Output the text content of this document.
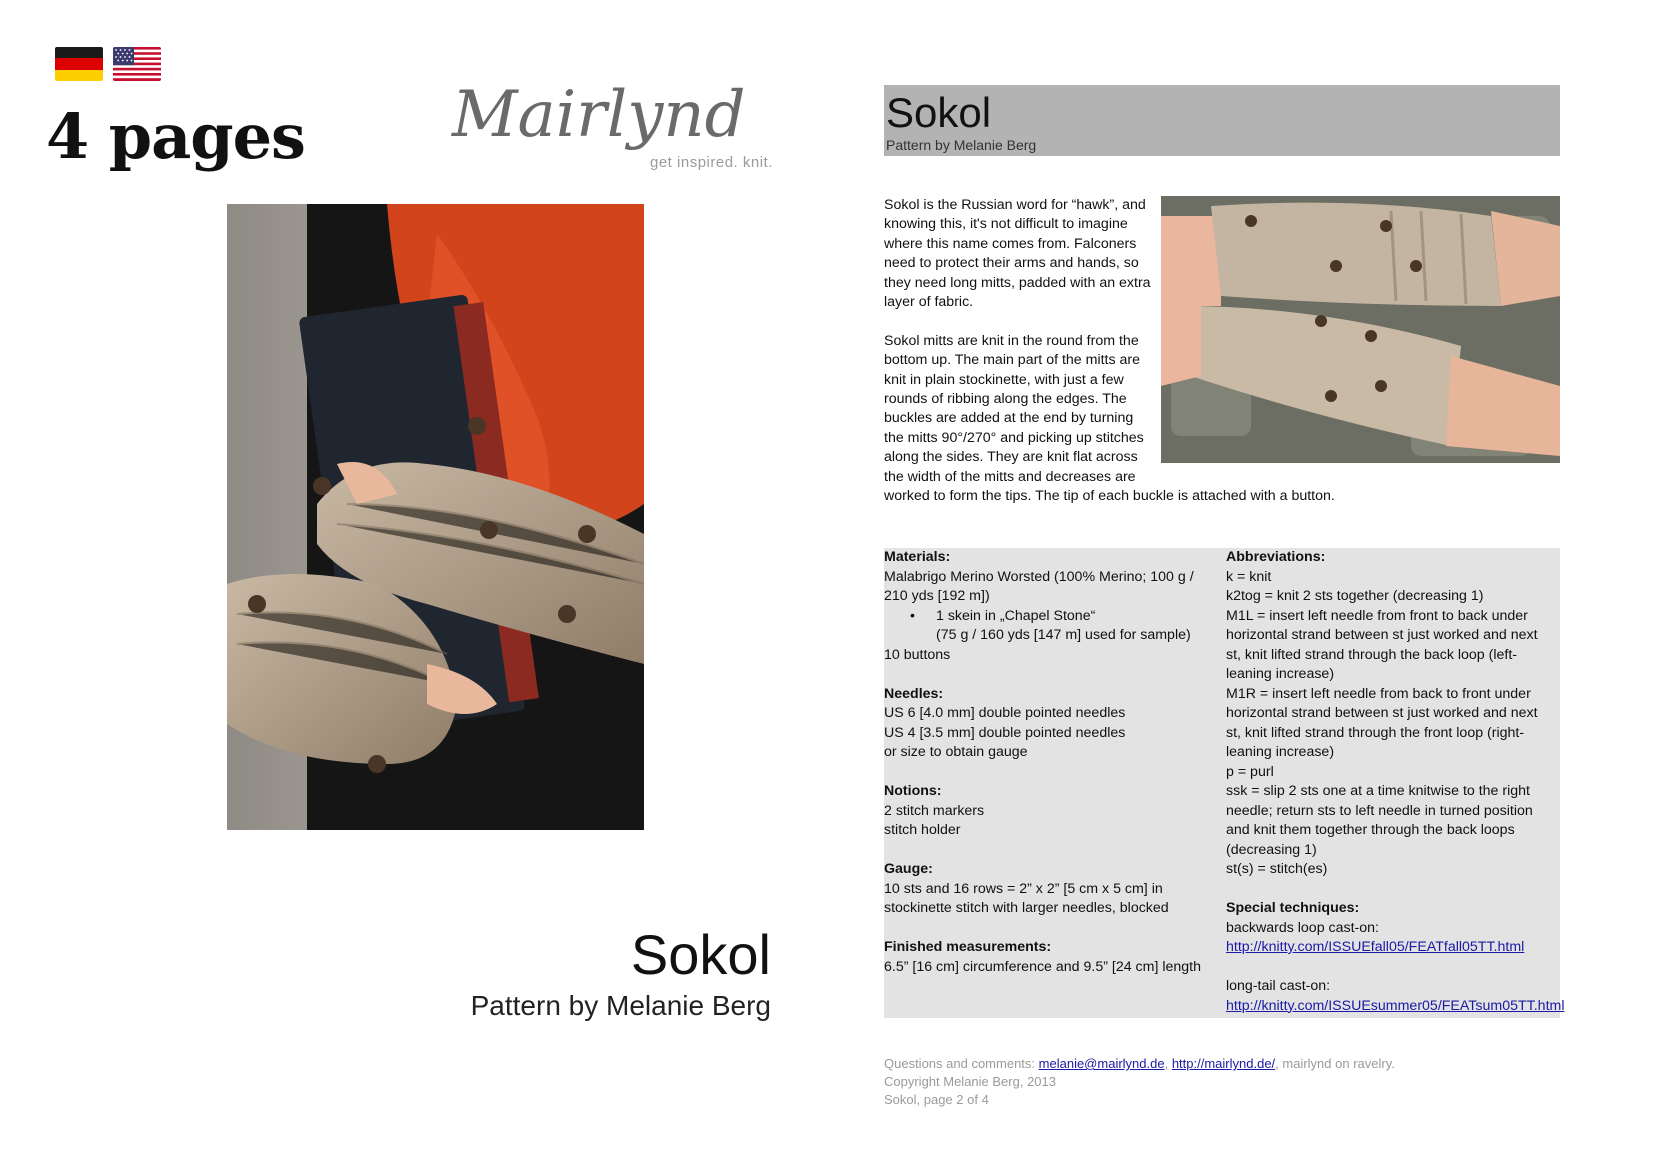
4 pages Mairlynd
get inspired. knit.
Sokol
Pattern by Melanie Berg
Sokol
Pattern by Melanie Berg

Sokol is the Russian word for “hawk”, and knowing this, it's not difficult to imagine where this name comes from. Falconers need to protect their arms and hands, so they need long mitts, padded with an extra layer of fabric.

Sokol mitts are knit in the round from the bottom up. The main part of the mitts are knit in plain stockinette, with just a few rounds of ribbing along the edges. The buckles are added at the end by turning the mitts 90°/270° and picking up stitches along the sides. They are knit flat across the width of the mitts and decreases are worked to form the tips. The tip of each buckle is attached with a button.

Materials:
Malabrigo Merino Worsted (100% Merino; 100 g / 210 yds [192 m])
• 1 skein in „Chapel Stone“
(75 g / 160 yds [147 m] used for sample)
10 buttons
Needles:
US 6 [4.0 mm] double pointed needles
US 4 [3.5 mm] double pointed needles
or size to obtain gauge
Notions:
2 stitch markers
stitch holder
Gauge:
10 sts and 16 rows = 2” x 2” [5 cm x 5 cm] in stockinette stitch with larger needles, blocked
Finished measurements:
6.5” [16 cm] circumference and 9.5” [24 cm] length
Abbreviations:
k = knit
k2tog = knit 2 sts together (decreasing 1)
M1L = insert left needle from front to back under horizontal strand between st just worked and next st, knit lifted strand through the back loop (left-leaning increase)
M1R = insert left needle from back to front under horizontal strand between st just worked and next st, knit lifted strand through the front loop (right-leaning increase)
p = purl
ssk = slip 2 sts one at a time knitwise to the right needle; return sts to left needle in turned position and knit them together through the back loops (decreasing 1)
st(s) = stitch(es)
Special techniques:
backwards loop cast-on:
http://knitty.com/ISSUEfall05/FEATfall05TT.html
long-tail cast-on:
http://knitty.com/ISSUEsummer05/FEATsum05TT.html
Questions and comments: melanie@mairlynd.de, http://mairlynd.de/, mairlynd on ravelry.
Copyright Melanie Berg, 2013
Sokol, page 2 of 4
